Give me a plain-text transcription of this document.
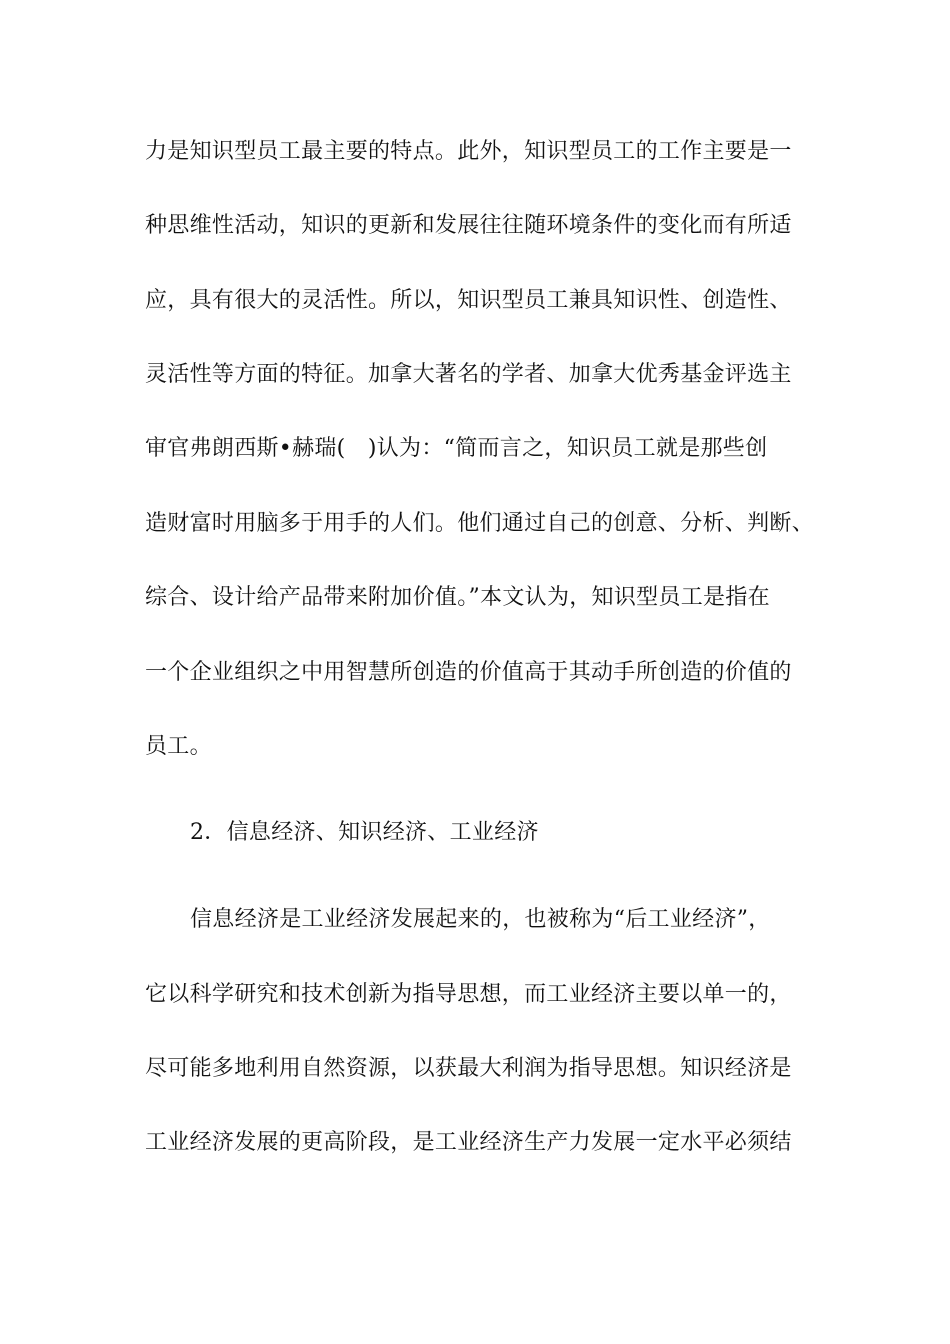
力是知识型员工最主要的特点。此外，知识型员工的工作主要是一
种思维性活动，知识的更新和发展往往随环境条件的变化而有所适
应，具有很大的灵活性。所以，知识型员工兼具知识性、创造性、
灵活性等方面的特征。加拿大著名的学者、加拿大优秀基金评选主
审官弗朗西斯•赫瑞(　)认为：“简而言之，知识员工就是那些创
造财富时用脑多于用手的人们。他们通过自己的创意、分析、判断、
综合、设计给产品带来附加价值。”本文认为，知识型员工是指在
一个企业组织之中用智慧所创造的价值高于其动手所创造的价值的
员工。
2．信息经济、知识经济、工业经济
信息经济是工业经济发展起来的，也被称为“后工业经济”，
它以科学研究和技术创新为指导思想，而工业经济主要以单一的，
尽可能多地利用自然资源，以获最大利润为指导思想。知识经济是
工业经济发展的更高阶段，是工业经济生产力发展一定水平必须结
